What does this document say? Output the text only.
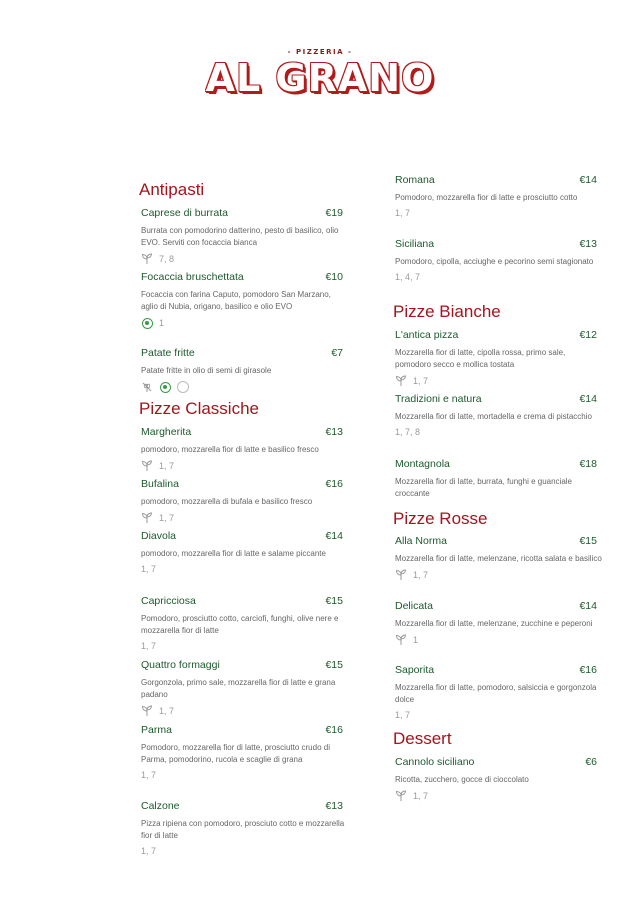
- PIZZERIA -
AL GRANO
Antipasti
Pizze Classiche
Pizze Bianche
Pizze Rosse
Dessert
Caprese di burrata	€19
Burrata con pomodorino datterino, pesto di basilico, olio EVO. Serviti con focaccia bianca
7, 8
Focaccia bruschettata	€10
Focaccia con farina Caputo, pomodoro San Marzano, aglio di Nubia, origano, basilico e olio EVO
1
Patate fritte	€7
Patate fritte in olio di semi di girasole
Margherita	€13
pomodoro, mozzarella fior di latte e basilico fresco
1, 7
Bufalina	€16
pomodoro, mozzarella di bufala e basilico fresco
1, 7
Diavola	€14
pomodoro, mozzarella fior di latte e salame piccante
1, 7
Capricciosa	€15
Pomodoro, prosciutto cotto, carciofi, funghi, olive nere e mozzarella fior di latte
1, 7
Quattro formaggi	€15
Gorgonzola, primo sale, mozzarella fior di latte e grana padano
1, 7
Parma	€16
Pomodoro, mozzarella fior di latte, prosciutto crudo di Parma, pomodorino, rucola e scaglie di grana
1, 7
Calzone	€13
Pizza ripiena con pomodoro, prosciuto cotto e mozzarella fior di latte
1, 7
Romana	€14
Pomodoro, mozzarella fior di latte e prosciutto cotto
1, 7
Siciliana	€13
Pomodoro, cipolla, acciughe e pecorino semi stagionato
1, 4, 7
L'antica pizza	€12
Mozzarella fior di latte, cipolla rossa, primo sale, pomodoro secco e mollica tostata
1, 7
Tradizioni e natura	€14
Mozzarella fior di latte, mortadella e crema di pistacchio
1, 7, 8
Montagnola	€18
Mozzarella fior di latte, burrata, funghi e guanciale croccante
Alla Norma	€15
Mozzarella fior di latte, melenzane, ricotta salata e basilico
1, 7
Delicata	€14
Mozzarella fior di latte, melenzane, zucchine e peperoni
1
Saporita	€16
Mozzarella fior di latte, pomodoro, salsiccia e gorgonzola dolce
1, 7
Cannolo siciliano	€6
Ricotta, zucchero, gocce di cioccolato
1, 7
